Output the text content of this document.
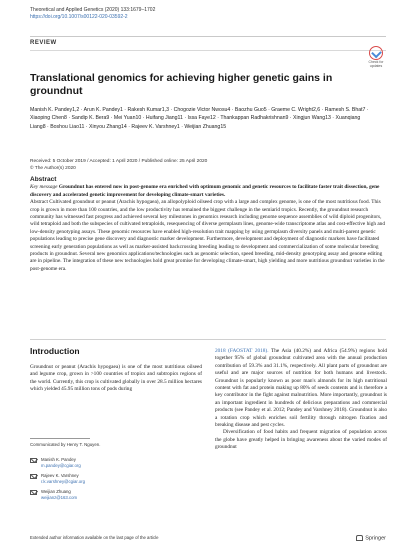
Theoretical and Applied Genetics (2020) 133:1679–1702
https://doi.org/10.1007/s00122-020-03592-2
REVIEW
Check for updates
Translational genomics for achieving higher genetic gains in groundnut
Manish K. Pandey1,2 · Arun K. Pandey1 · Rakesh Kumar1,3 · Chogozie Victor Nwosu4 · Baozhu Guo5 · Graeme C. Wright2,6 · Ramesh S. Bhat7 · Xiaoping Chen8 · Sandip K. Bera9 · Mei Yuan10 · Huifang Jiang11 · Issa Faye12 · Thankappan Radhakrishnan9 · Xingjun Wang13 · Xuanqiang Liang8 · Boshou Liao11 · Xinyou Zhang14 · Rajeev K. Varshney1 · Weijian Zhuang15
Received: 5 October 2019 / Accepted: 1 April 2020 / Published online: 25 April 2020
© The Author(s) 2020
Abstract

Key message Groundnut has entered now in post-genome era enriched with optimum genomic and genetic resources to facilitate faster trait dissection, gene discovery and accelerated genetic improvement for developing climate-smart varieties.

Abstract Cultivated groundnut or peanut (Arachis hypogaea), an allopolyploid oilseed crop with a large and complex genome, is one of the most nutritious food. This crop is grown in more than 100 countries, and the low productivity has remained the biggest challenge in the semiarid tropics. Recently, the groundnut research community has witnessed fast progress and achieved several key milestones in genomics research including genome sequence assemblies of wild diploid progenitors, wild tetraploid and both the subspecies of cultivated tetraploids, resequencing of diverse germplasm lines, genome-wide transcriptome atlas and cost-effective high and low-density genotyping assays. These genomic resources have enabled high-resolution trait mapping by using germplasm diversity panels and multi-parent genetic populations leading to precise gene discovery and diagnostic marker development. Furthermore, development and deployment of diagnostic markers have facilitated screening early generation populations as well as marker-assisted backcrossing breeding leading to development and commercialization of some molecular breeding products in groundnut. Several new genomics applications/technologies such as genomic selection, speed breeding, mid-density genotyping assay and genome editing are in pipeline. The integration of these new technologies hold great promise for developing climate-smart, high yielding and more nutritious groundnut varieties in the post-genome era.

Introduction

Groundnut or peanut (Arachis hypogaea) is one of the most nutritious oilseed and legume crop, grown in >100 countries of tropics and subtropics regions of the world. Currently, this crop is cultivated globally in over 28.5 million hectares which yielded 45.95 million tons of pods during

Communicated by Henry T. Nguyen.
Manish K. Pandey
m.pandey@cgiar.org
Rajeev K. Varshney
r.k.varshney@cgiar.org
Weijian Zhuang
weijianz@163.com
Extended author information available on the last page of the article

2018 (FAOSTAT 2018). The Asia (40.2%) and Africa (54.9%) regions hold together 95% of global groundnut cultivated area with the annual production contribution of 59.3% and 31.1%, respectively. All plant parts of groundnut are useful and are major sources of nutrition for both humans and livestock. Groundnut is popularly known as poor man's almonds for its high nutritional content with fat and protein making up 80% of seeds contents and is therefore a key contributor in the fight against malnutrition. More importantly, groundnut is an important ingredient in hundreds of delicious preparations and commercial products (see Pandey et al. 2012; Pandey and Varshney 2018). Groundnut is also a rotation crop which enriches soil fertility through nitrogen fixation and breaking disease and pest cycles.

Diversification of food habits and frequent migration of population across the globe have greatly helped in bringing awareness about the varied modes of groundnut

Springer
